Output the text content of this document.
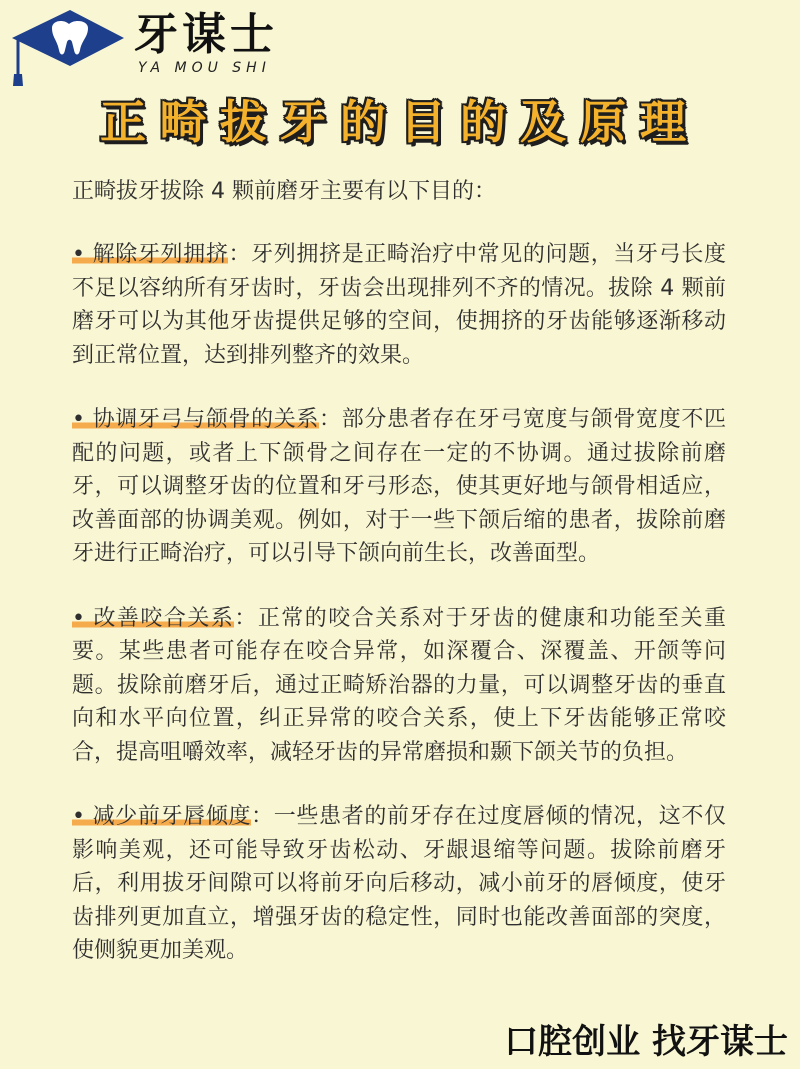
牙谋士
YA MOU SHI
正畸拔牙的目的及原理

正畸拔牙拔除 4 颗前磨牙主要有以下目的：

• 解除牙列拥挤：牙列拥挤是正畸治疗中常见的问题，当牙弓长度不足以容纳所有牙齿时，牙齿会出现排列不齐的情况。拔除 4 颗前磨牙可以为其他牙齿提供足够的空间，使拥挤的牙齿能够逐渐移动到正常位置，达到排列整齐的效果。

• 协调牙弓与颌骨的关系：部分患者存在牙弓宽度与颌骨宽度不匹配的问题，或者上下颌骨之间存在一定的不协调。通过拔除前磨牙，可以调整牙齿的位置和牙弓形态，使其更好地与颌骨相适应，改善面部的协调美观。例如，对于一些下颌后缩的患者，拔除前磨牙进行正畸治疗，可以引导下颌向前生长，改善面型。

• 改善咬合关系：正常的咬合关系对于牙齿的健康和功能至关重要。某些患者可能存在咬合异常，如深覆合、深覆盖、开颌等问题。拔除前磨牙后，通过正畸矫治器的力量，可以调整牙齿的垂直向和水平向位置，纠正异常的咬合关系，使上下牙齿能够正常咬合，提高咀嚼效率，减轻牙齿的异常磨损和颞下颌关节的负担。

• 减少前牙唇倾度：一些患者的前牙存在过度唇倾的情况，这不仅影响美观，还可能导致牙齿松动、牙龈退缩等问题。拔除前磨牙后，利用拔牙间隙可以将前牙向后移动，减小前牙的唇倾度，使牙齿排列更加直立，增强牙齿的稳定性，同时也能改善面部的突度，使侧貌更加美观。

口腔创业 找牙谋士
